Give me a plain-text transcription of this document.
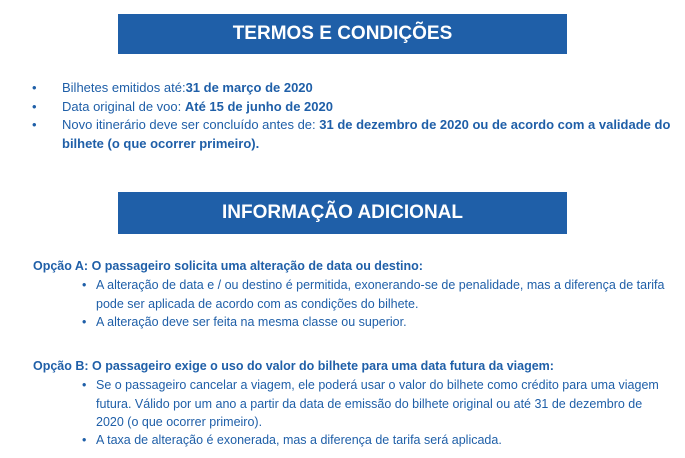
TERMOS E CONDIÇÕES
• Bilhetes emitidos até:31 de março de 2020
• Data original de voo: Até 15 de junho de 2020
• Novo itinerário deve ser concluído antes de: 31 de dezembro de 2020 ou de acordo com a validade do bilhete (o que ocorrer primeiro).
INFORMAÇÃO ADICIONAL

Opção A: O passageiro solicita uma alteração de data ou destino:

• A alteração de data e / ou destino é permitida, exonerando-se de penalidade, mas a diferença de tarifa pode ser aplicada de acordo com as condições do bilhete.
• A alteração deve ser feita na mesma classe ou superior.

Opção B: O passageiro exige o uso do valor do bilhete para uma data futura da viagem:

• Se o passageiro cancelar a viagem, ele poderá usar o valor do bilhete como crédito para uma viagem futura. Válido por um ano a partir da data de emissão do bilhete original ou até 31 de dezembro de 2020 (o que ocorrer primeiro).
• A taxa de alteração é exonerada, mas a diferença de tarifa será aplicada.
